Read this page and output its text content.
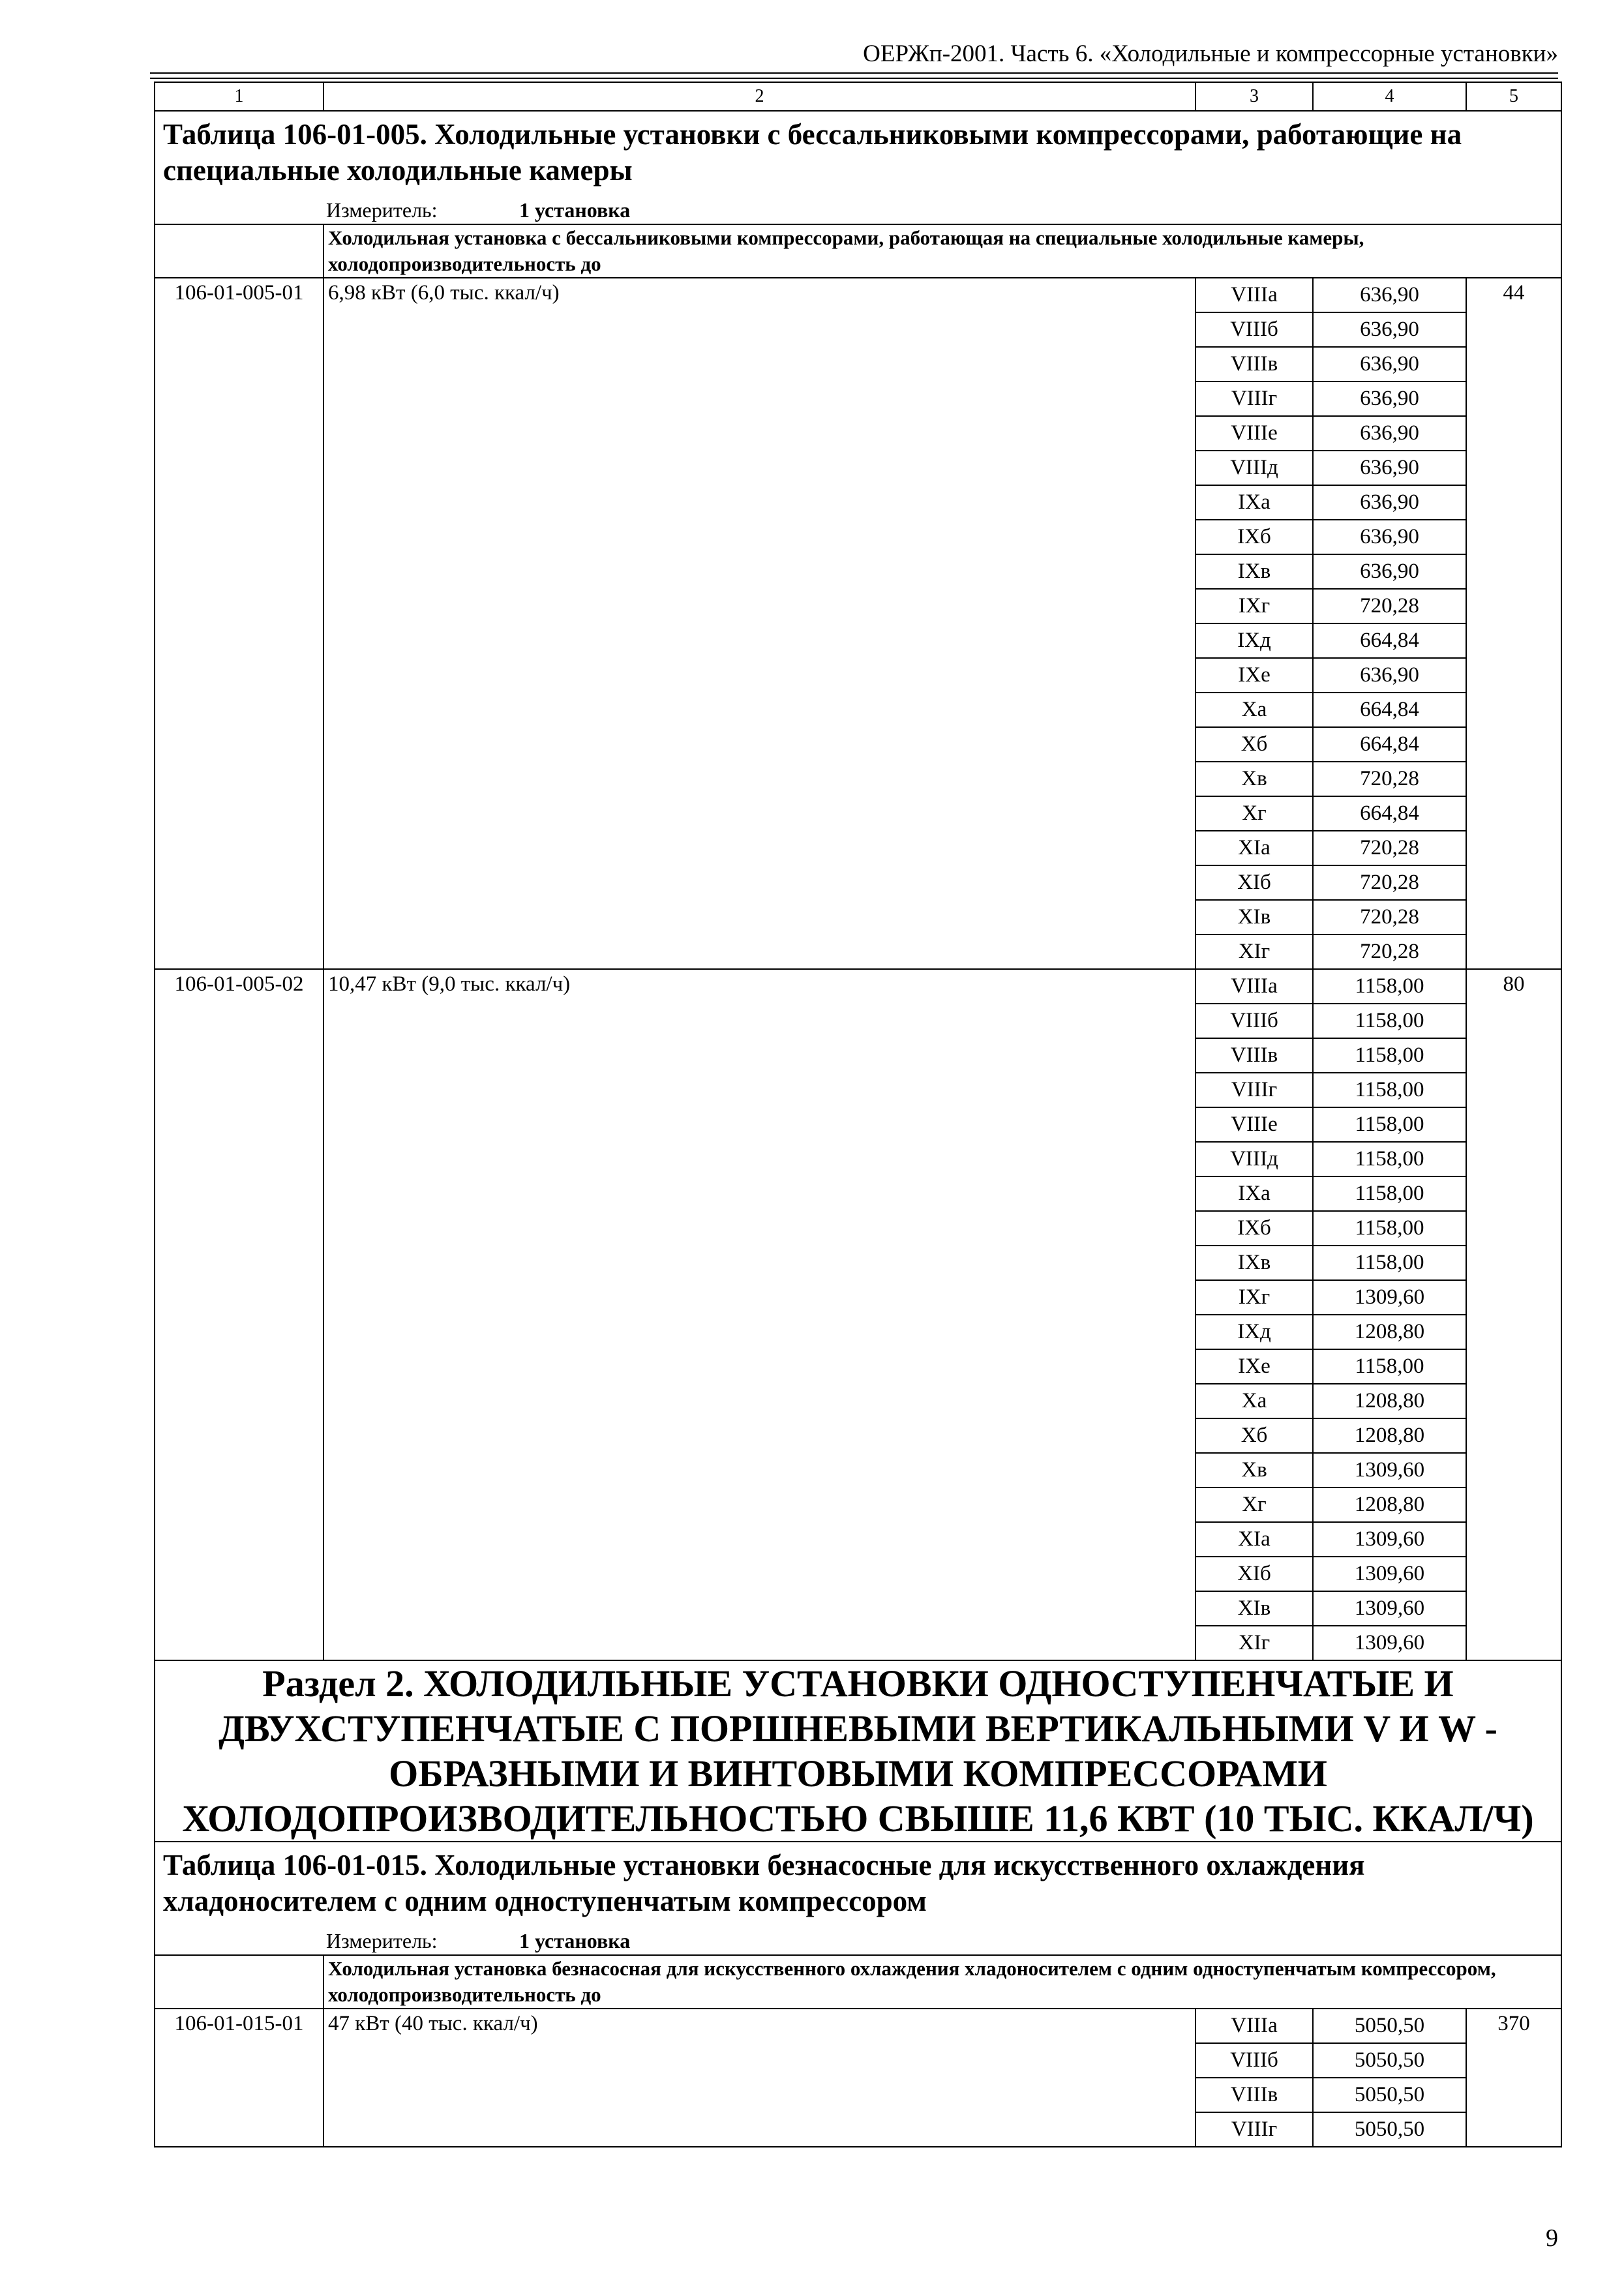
ОЕРЖп-2001. Часть 6. «Холодильные и компрессорные установки»
1	2	3	4	5

Таблица 106-01-005. Холодильные установки с бессальниковыми компрессорами, работающие на специальные холодильные камеры
Измеритель: 1 установка				

	Холодильная установка с бессальниковыми компрессорами, работающая на специальные холодильные камеры, холодопроизводительность до			
106-01-005-01	6,98 кВт (6,0 тыс. ккал/ч)	VIIIа	636,90	44
		VIIIб	636,90	
		VIIIв	636,90	
		VIIIг	636,90	
		VIIIе	636,90	
		VIIIд	636,90	
		IXа	636,90	
		IXб	636,90	
		IXв	636,90	
		IXг	720,28	
		IXд	664,84	
		IXе	636,90	
		Xа	664,84	
		Xб	664,84	
		Xв	720,28	
		Xг	664,84	
		XIа	720,28	
		XIб	720,28	
		XIв	720,28	
		XIг	720,28	
106-01-005-02	10,47 кВт (9,0 тыс. ккал/ч)	VIIIа	1158,00	80
		VIIIб	1158,00	
		VIIIв	1158,00	
		VIIIг	1158,00	
		VIIIе	1158,00	
		VIIIд	1158,00	
		IXа	1158,00	
		IXб	1158,00	
		IXв	1158,00	
		IXг	1309,60	
		IXд	1208,80	
		IXе	1158,00	
		Xа	1208,80	
		Xб	1208,80	
		Xв	1309,60	
		Xг	1208,80	
		XIа	1309,60	
		XIб	1309,60	
		XIв	1309,60	
		XIг	1309,60	
Раздел 2. ХОЛОДИЛЬНЫЕ УСТАНОВКИ ОДНОСТУПЕНЧАТЫЕ И ДВУХСТУПЕНЧАТЫЕ С ПОРШНЕВЫМИ ВЕРТИКАЛЬНЫМИ V И W - ОБРАЗНЫМИ И ВИНТОВЫМИ КОМПРЕССОРАМИ ХОЛОДОПРОИЗВОДИТЕЛЬНОСТЬЮ СВЫШЕ 11,6 КВТ (10 ТЫС. ККАЛ/Ч)				

Таблица 106-01-015. Холодильные установки безнасосные для искусственного охлаждения хладоносителем с одним одноступенчатым компрессором
Измеритель: 1 установка				

	Холодильная установка безнасосная для искусственного охлаждения хладоносителем с одним одноступенчатым компрессором, холодопроизводительность до			
106-01-015-01	47 кВт (40 тыс. ккал/ч)	VIIIа	5050,50	370
		VIIIб	5050,50	
		VIIIв	5050,50	
		VIIIг	5050,50	
9
